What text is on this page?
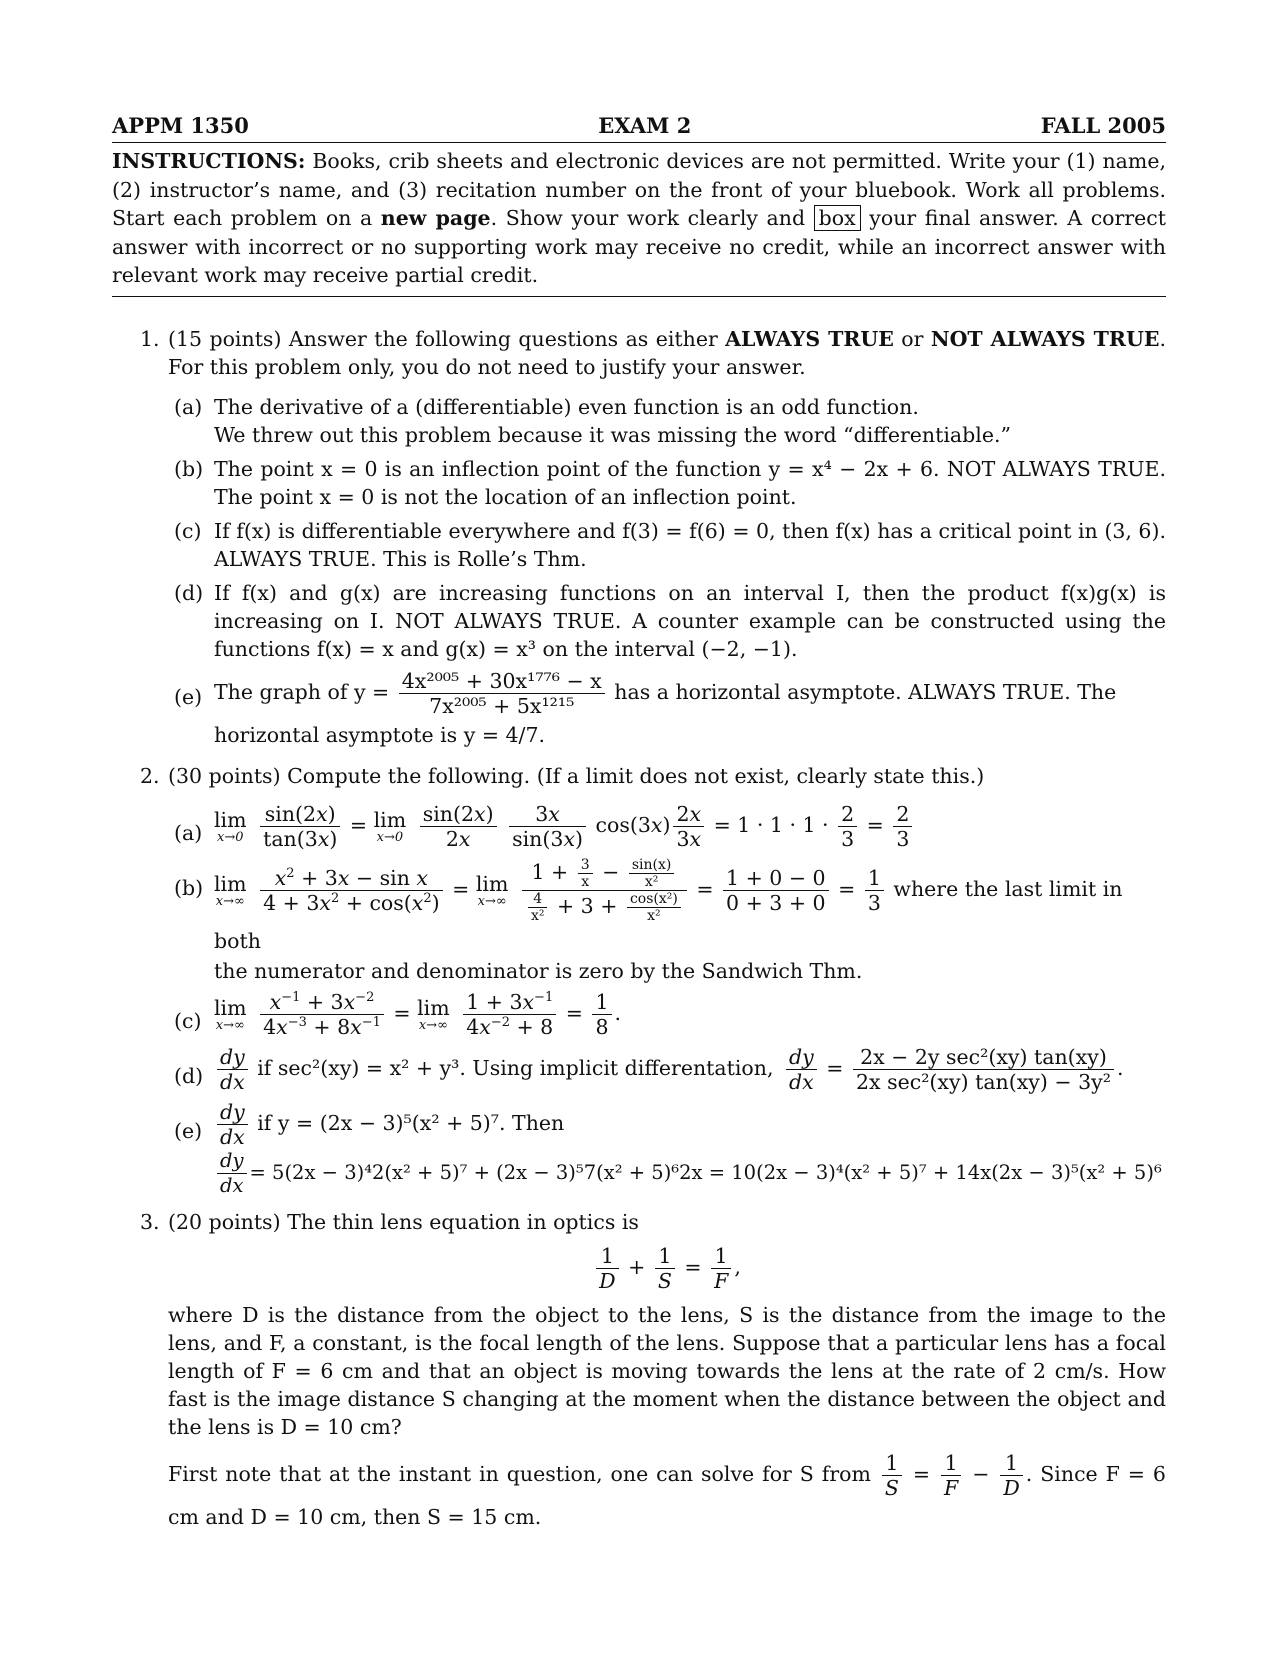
APPM 1350	EXAM 2	FALL 2005
INSTRUCTIONS: Books, crib sheets and electronic devices are not permitted. Write your (1) name, (2) instructor’s name, and (3) recitation number on the front of your bluebook. Work all problems. Start each problem on a new page. Show your work clearly and box your final answer. A correct answer with incorrect or no supporting work may receive no credit, while an incorrect answer with relevant work may receive partial credit.
1. (15 points) Answer the following questions as either ALWAYS TRUE or NOT ALWAYS TRUE. For this problem only, you do not need to justify your answer.
(a) The derivative of a (differentiable) even function is an odd function.
We threw out this problem because it was missing the word “differentiable.”
(b) The point x = 0 is an inflection point of the function y = x⁴ − 2x + 6. NOT ALWAYS TRUE. The point x = 0 is not the location of an inflection point.
(c) If f(x) is differentiable everywhere and f(3) = f(6) = 0, then f(x) has a critical point in (3, 6). ALWAYS TRUE. This is Rolle’s Thm.
(d) If f(x) and g(x) are increasing functions on an interval I, then the product f(x)g(x) is increasing on I. NOT ALWAYS TRUE. A counter example can be constructed using the functions f(x) = x and g(x) = x³ on the interval (−2, −1).
(e) The graph of $y = \frac{\text{4x²⁰⁰⁵ + 30x¹⁷⁷⁶ − x}}{\text{7x²⁰⁰⁵ + 5x¹²¹⁵}}$ has a horizontal asymptote. ALWAYS TRUE. The horizontal asymptote is y = 4/7.
2. (30 points) Compute the following. (If a limit does not exist, clearly state this.)
(a)
lim
x→0
$\frac{\sin(2x)}{\tan(3x)} = \lim$
x→0
$\frac{\sin(2x)}{2x}$
$\frac{3x}{\sin(3x)} \cos(3x) \frac{2x}{3x} = 1 \cdot 1 \cdot 1 \cdot \frac{2}{3} = \frac{2}{3}$
(b) lim
x→∞
$\frac{x^2 + 3x - \sin x}{4 + 3x^2 + \cos(x^2)} = \lim$
x→∞
$\frac{1 + \frac{3}{x} - \frac{\sin(x)}{\text{x²}}}{\frac{4}{\text{x²}} + 3 + \frac{\text{cos(x²)}}{\text{x²}}} = \frac{1 + 0 - 0}{0 + 3 + 0} = \frac{1}{3}$ where the last limit in both
the numerator and denominator is zero by the Sandwich Thm.
(c)
lim
x→∞
$\frac{x^{-1} + 3x^{-2}}{4x^{-3} + 8x^{-1}} = \lim$
x→∞
$\frac{1 + 3x^{-1}}{4x^{-2} + 8} = \frac{1}{8}$ .
$(d) \frac{dy}{dx}$ if sec²(xy) = x² + y³. Using implicit differentation, $\frac{dy}{dx} = \frac{\text{2x − 2y sec²(xy) tan(xy)}}{\text{2x sec²(xy) tan(xy) − 3y²}}$ .
$(e) \frac{dy}{dx}$ if y = (2x − 3)⁵(x² + 5)⁷. Then
$\frac{dy}{dx} = 5(2x - 3)^42(x^2 + 5)^7 + (2x - 3)^57(x^2 + 5)^62x = 10(2x - 3)^4(x^2 + 5)^7 + 14x(2x - 3)^5(x^2 + 5)^6$
3. (20 points) The thin lens equation in optics is
$\frac{1}{D} + \frac{1}{S} = \frac{1}{F}$ ,
where D is the distance from the object to the lens, S is the distance from the image to the lens, and F, a constant, is the focal length of the lens. Suppose that a particular lens has a focal length of F = 6 cm and that an object is moving towards the lens at the rate of 2 cm/s. How fast is the image distance S changing at the moment when the distance between the object and the lens is D = 10 cm?
First note that at the instant in question, one can solve for S from $\frac{1}{S} = \frac{1}{F} - \frac{1}{D}$ . Since F = 6 cm and D = 10 cm, then S = 15 cm.
